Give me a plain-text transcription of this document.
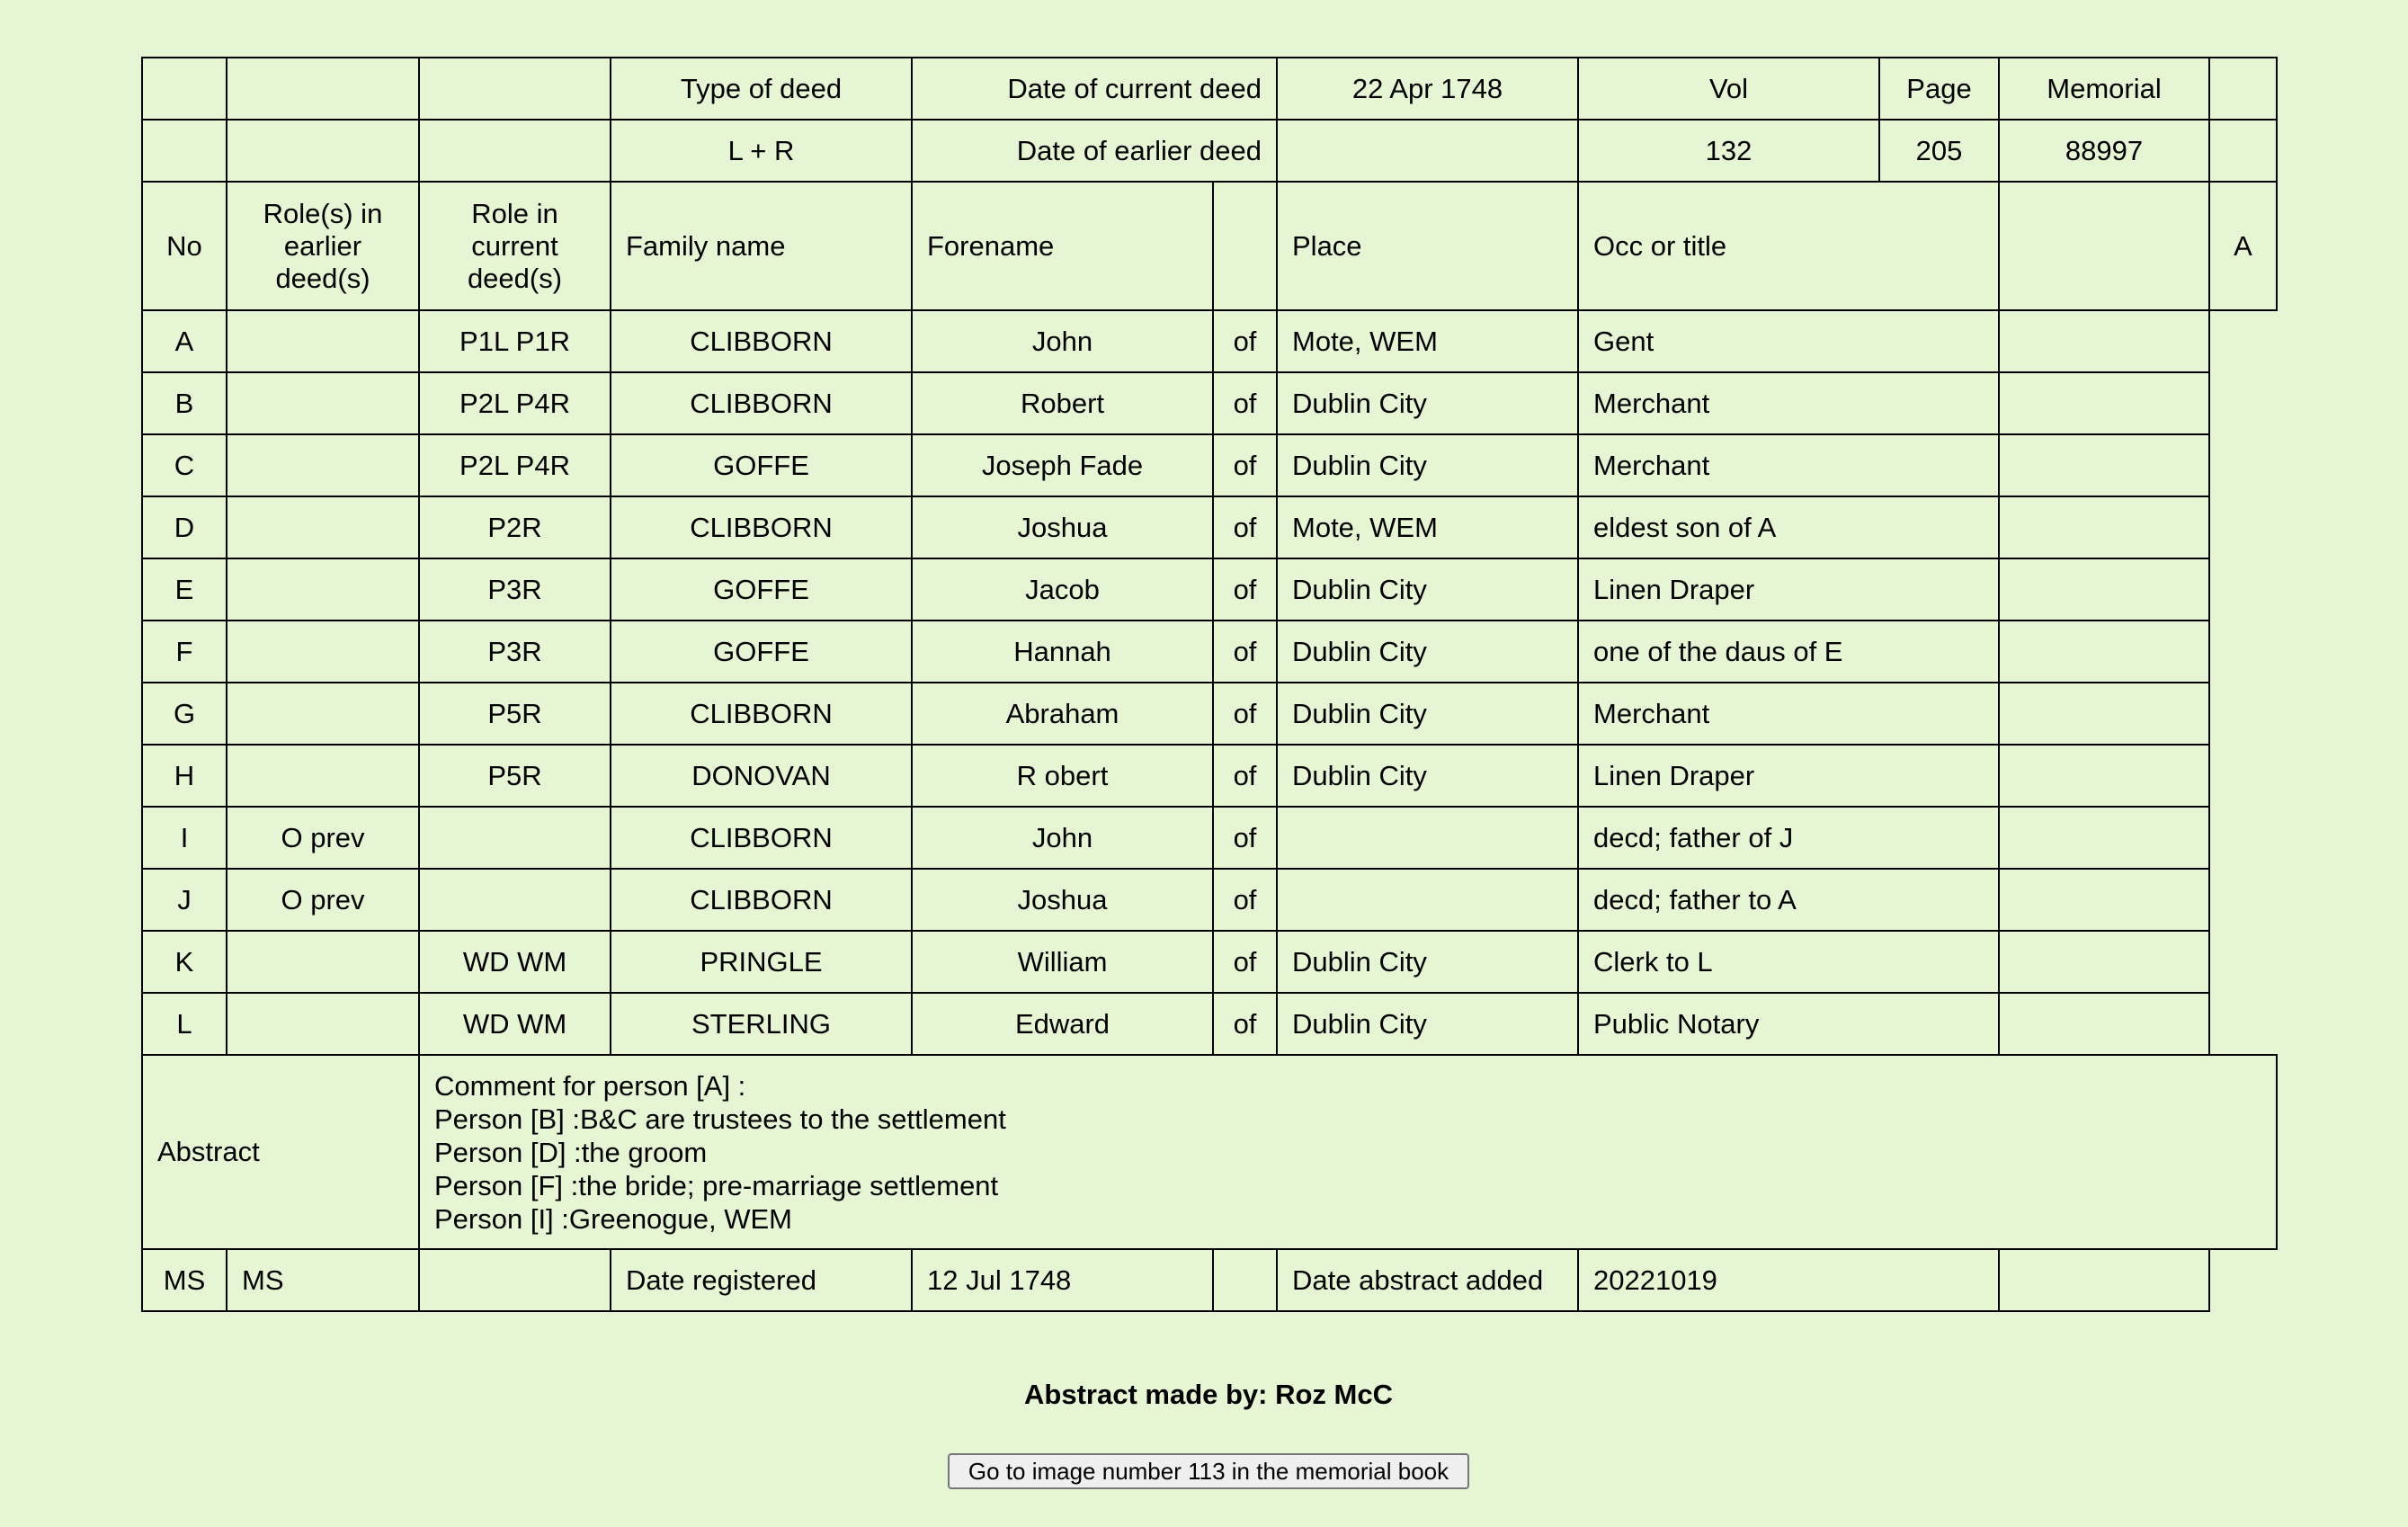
			Type of deed	Date of current deed		22 Apr 1748	Vol	Page	Memorial	
			L + R	Date of earlier deed			132	205	88997	
No	Role(s) in earlier deed(s)	Role in current deed(s)	Family name	Forename		Place	Occ or title			A
A		P1L P1R	CLIBBORN	John	of	Mote, WEM	Gent			
B		P2L P4R	CLIBBORN	Robert	of	Dublin City	Merchant			
C		P2L P4R	GOFFE	Joseph Fade	of	Dublin City	Merchant			
D		P2R	CLIBBORN	Joshua	of	Mote, WEM	eldest son of A			
E		P3R	GOFFE	Jacob	of	Dublin City	Linen Draper			
F		P3R	GOFFE	Hannah	of	Dublin City	one of the daus of E			
G		P5R	CLIBBORN	Abraham	of	Dublin City	Merchant			
H		P5R	DONOVAN	R obert	of	Dublin City	Linen Draper			
I	O prev		CLIBBORN	John	of		decd; father of J			
J	O prev		CLIBBORN	Joshua	of		decd; father to A			
K		WD WM	PRINGLE	William	of	Dublin City	Clerk to L			
L		WD WM	STERLING	Edward	of	Dublin City	Public Notary			
Abstract		Comment for person [A] :
Person [B] :B&C are trustees to the settlement
Person [D] :the groom
Person [F] :the bride; pre-marriage settlement
Person [I] :Greenogue, WEM								

MS	MS		Date registered	12 Jul 1748		Date abstract added	20221019			
Abstract made by: Roz McC
Go to image number 113 in the memorial book
